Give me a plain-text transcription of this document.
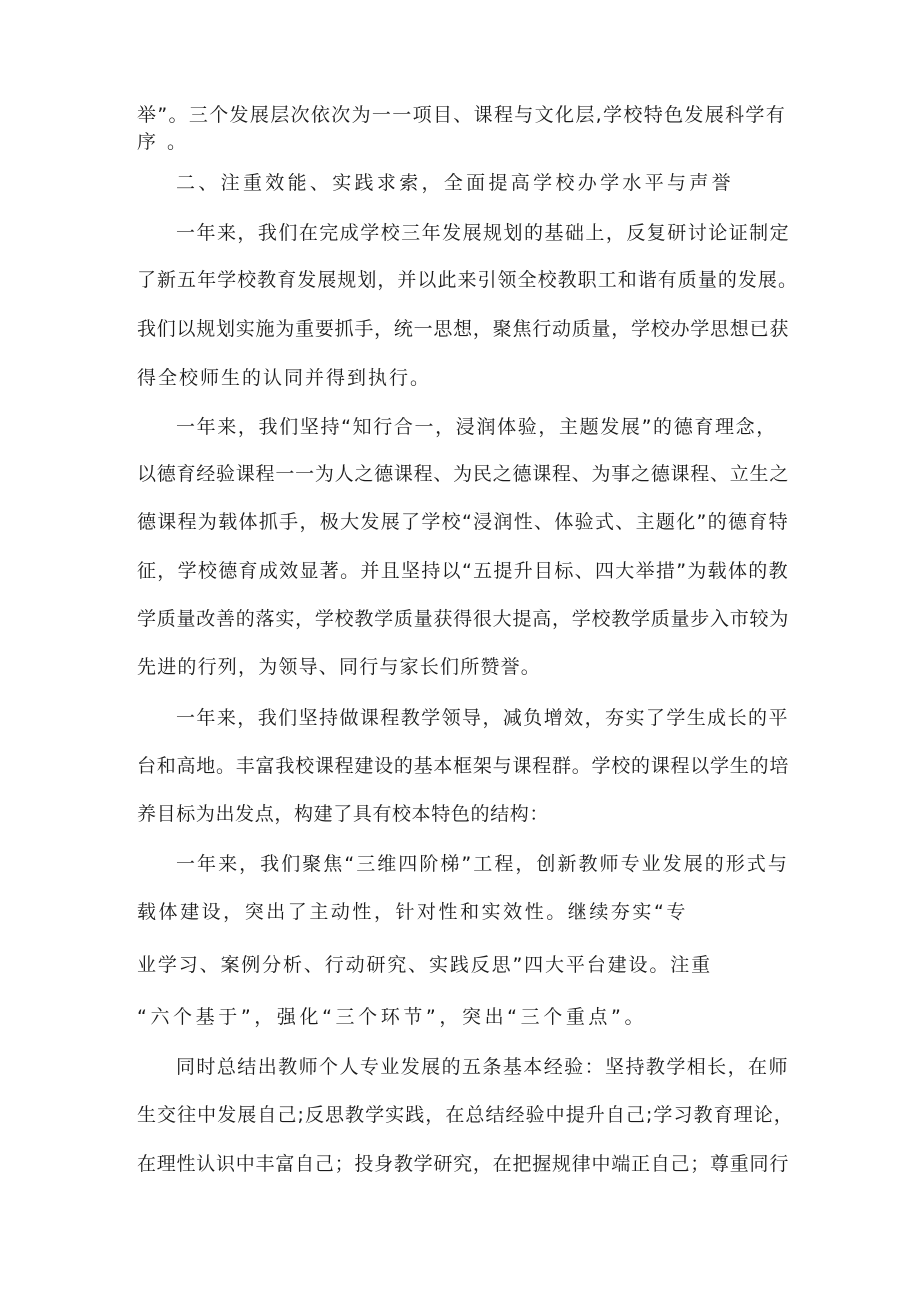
举”。三个发展层次依次为一一项目、课程与文化层,学校特色发展科学有
序。
二、注重效能、实践求索，全面提高学校办学水平与声誉
一年来，我们在完成学校三年发展规划的基础上，反复研讨论证制定
了新五年学校教育发展规划，并以此来引领全校教职工和谐有质量的发展。
我们以规划实施为重要抓手，统一思想，聚焦行动质量，学校办学思想已获
得全校师生的认同并得到执行。
一年来，我们坚持“知行合一，浸润体验，主题发展”的德育理念，
以德育经验课程一一为人之德课程、为民之德课程、为事之德课程、立生之
德课程为载体抓手，极大发展了学校“浸润性、体验式、主题化”的德育特
征，学校德育成效显著。并且坚持以“五提升目标、四大举措”为载体的教
学质量改善的落实，学校教学质量获得很大提高，学校教学质量步入市较为
先进的行列，为领导、同行与家长们所赞誉。
一年来，我们坚持做课程教学领导，减负增效，夯实了学生成长的平
台和高地。丰富我校课程建设的基本框架与课程群。学校的课程以学生的培
养目标为出发点，构建了具有校本特色的结构：
一年来，我们聚焦“三维四阶梯”工程，创新教师专业发展的形式与
载体建设，突出了主动性，针对性和实效性。继续夯实“专
业学习、案例分析、行动研究、实践反思”四大平台建设。注重
“六个基于”，强化“三个环节”，突出“三个重点”。
同时总结出教师个人专业发展的五条基本经验：坚持教学相长，在师
生交往中发展自己;反思教学实践，在总结经验中提升自己;学习教育理论，
在理性认识中丰富自己；投身教学研究，在把握规律中端正自己；尊重同行
